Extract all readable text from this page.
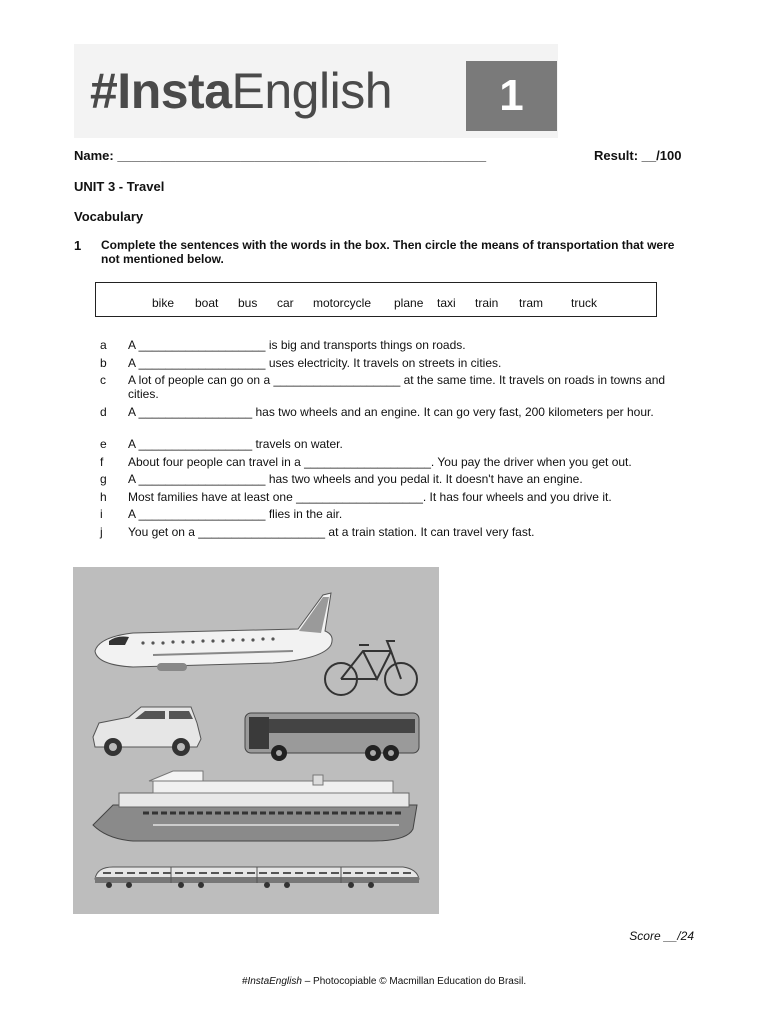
#InstaEnglish	1
Name: ___________________________________________________	Result: __/100
UNIT 3 - Travel
Vocabulary
1 Complete the sentences with the words in the box. Then circle the means of transportation that were not mentioned below.
bike boat bus car motorcycle plane taxi train tram truck
a A ___________________ is big and transports things on roads.
b A ___________________ uses electricity. It travels on streets in cities.
c A lot of people can go on a ___________________ at the same time. It travels on roads in towns and cities.
d A _________________ has two wheels and an engine. It can go very fast, 200 kilometers per hour.
e A _________________ travels on water.
f About four people can travel in a ___________________. You pay the driver when you get out.
g A ___________________ has two wheels and you pedal it. It doesn't have an engine.
h Most families have at least one ___________________. It has four wheels and you drive it.
i A ___________________ flies in the air.
j You get on a ___________________ at a train station. It can travel very fast.
Score __/24
#InstaEnglish – Photocopiable © Macmillan Education do Brasil.
